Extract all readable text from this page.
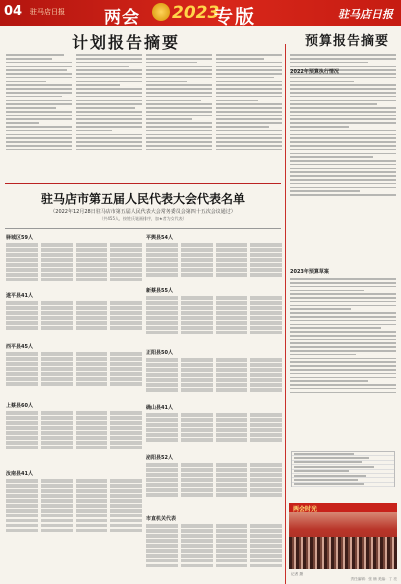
04 驻马店日报 两会 2023
专版	驻马店日报
计划报告摘要	预算报告摘要
2022年预算执行情况
2023年预算草案
两会时光
记者 摄
驻马店市第五届人民代表大会代表名单
（2022年12月28日驻马店市第五届人民代表大会常务委员会第四十五次会议通过）
（共455人，按姓氏笔画排序，加★者为女代表）
驿城区59人
遂平县41人
西平县45人
上蔡县60人
汝南县41人
平舆县54人
新蔡县55人
正阳县50人
确山县41人
泌阳县52人
市直机关代表
责任编辑：张 楠 美编：丁 亮
